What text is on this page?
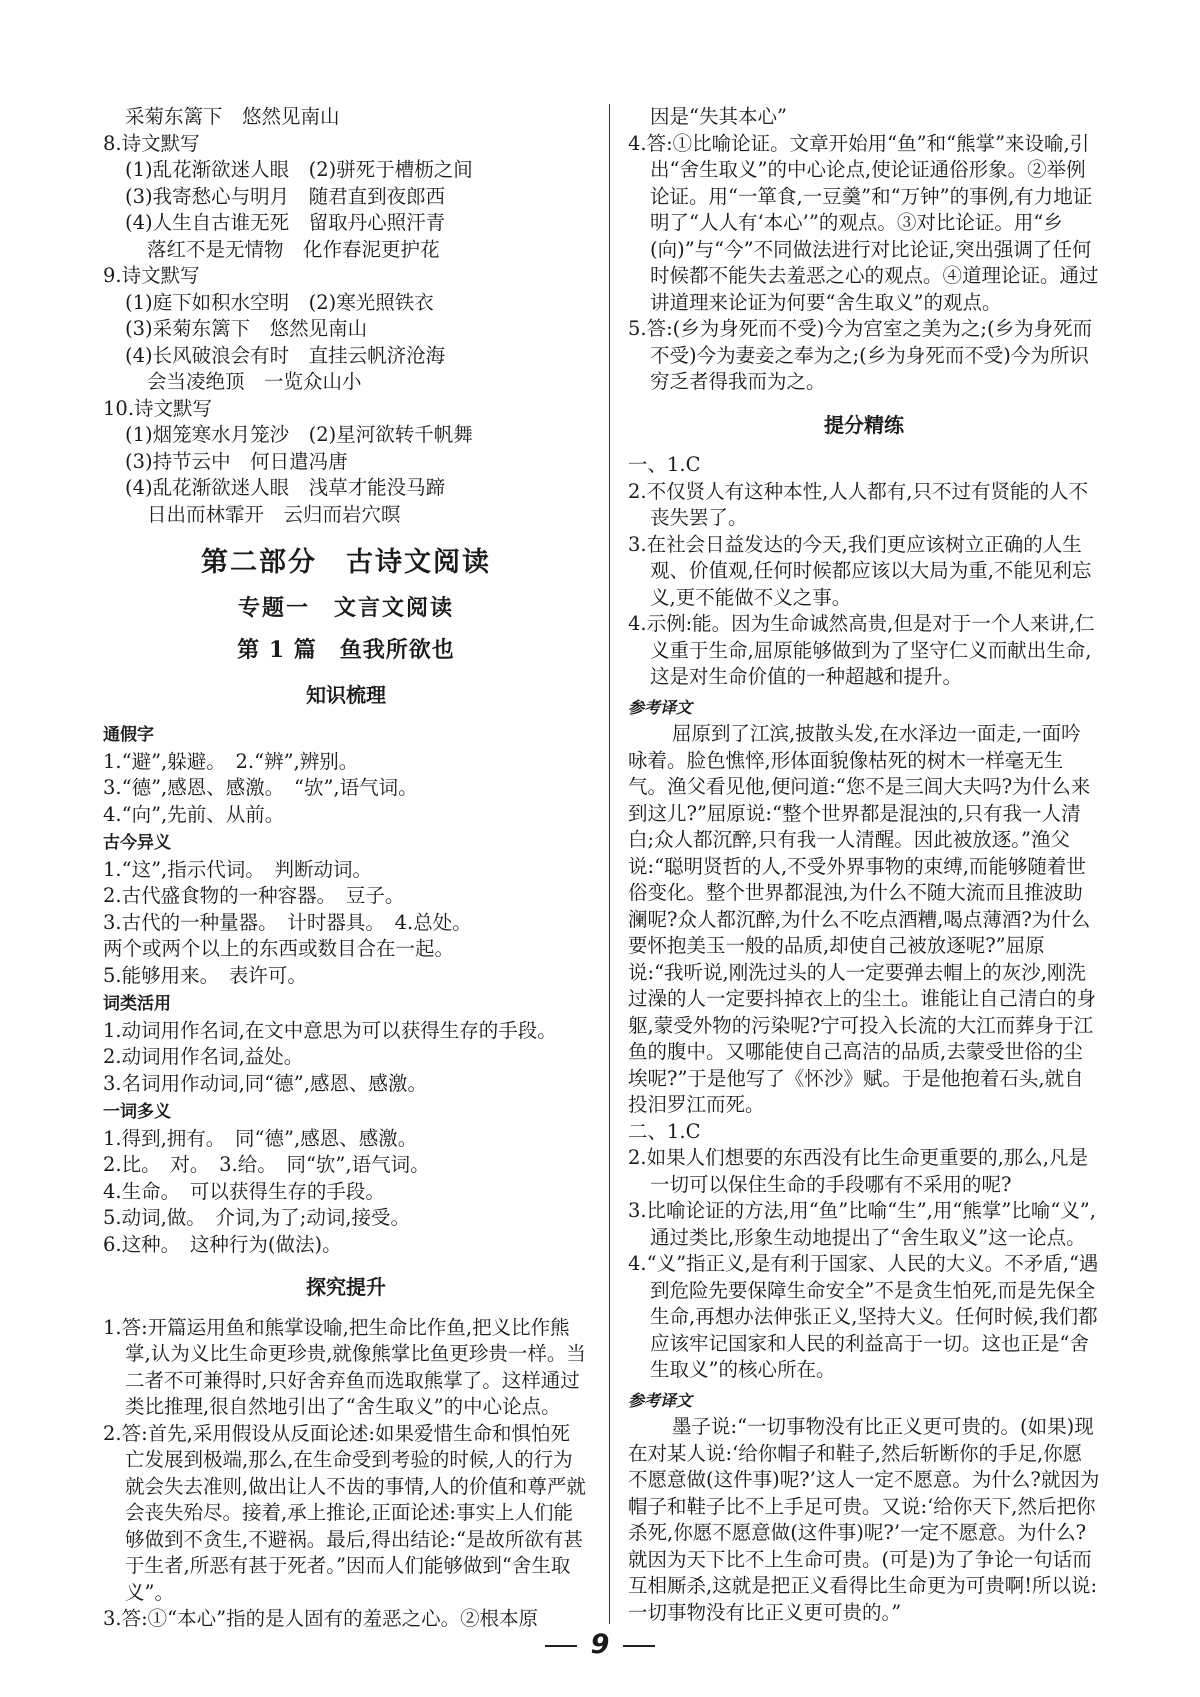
采菊东篱下　悠然见南山
8.诗文默写
(1)乱花渐欲迷人眼　(2)骈死于槽枥之间
(3)我寄愁心与明月　随君直到夜郎西
(4)人生自古谁无死　留取丹心照汗青
落红不是无情物　化作春泥更护花
9.诗文默写
(1)庭下如积水空明　(2)寒光照铁衣
(3)采菊东篱下　悠然见南山
(4)长风破浪会有时　直挂云帆济沧海
会当凌绝顶　一览众山小
10.诗文默写
(1)烟笼寒水月笼沙　(2)星河欲转千帆舞
(3)持节云中　何日遣冯唐
(4)乱花渐欲迷人眼　浅草才能没马蹄
日出而林霏开　云归而岩穴暝
第二部分　古诗文阅读
专题一　文言文阅读
第 1 篇　鱼我所欲也
知识梳理
通假字
1.“避”,躲避。　2.“辨”,辨别。
3.“德”,感恩、感激。　“欤”,语气词。
4.“向”,先前、从前。
古今异义
1.“这”,指示代词。　判断动词。
2.古代盛食物的一种容器。　豆子。
3.古代的一种量器。　计时器具。　4.总处。
两个或两个以上的东西或数目合在一起。
5.能够用来。　表许可。
词类活用
1.动词用作名词,在文中意思为可以获得生存的手段。
2.动词用作名词,益处。
3.名词用作动词,同“德”,感恩、感激。
一词多义
1.得到,拥有。　同“德”,感恩、感激。
2.比。　对。　3.给。　同“欤”,语气词。
4.生命。　可以获得生存的手段。
5.动词,做。　介词,为了;动词,接受。
6.这种。　这种行为(做法)。
探究提升
1.答:开篇运用鱼和熊掌设喻,把生命比作鱼,把义比作熊掌,认为义比生命更珍贵,就像熊掌比鱼更珍贵一样。当二者不可兼得时,只好舍弃鱼而选取熊掌了。这样通过类比推理,很自然地引出了“舍生取义”的中心论点。
2.答:首先,采用假设从反面论述:如果爱惜生命和惧怕死亡发展到极端,那么,在生命受到考验的时候,人的行为就会失去准则,做出让人不齿的事情,人的价值和尊严就会丧失殆尽。接着,承上推论,正面论述:事实上人们能够做到不贪生,不避祸。最后,得出结论:“是故所欲有甚于生者,所恶有甚于死者。”因而人们能够做到“舍生取义”。
3.答:①“本心”指的是人固有的羞恶之心。②根本原
因是“失其本心”
4.答:①比喻论证。文章开始用“鱼”和“熊掌”来设喻,引出“舍生取义”的中心论点,使论证通俗形象。②举例论证。用“一箪食,一豆羹”和“万钟”的事例,有力地证明了“人人有‘本心’”的观点。③对比论证。用“乡(向)”与“今”不同做法进行对比论证,突出强调了任何时候都不能失去羞恶之心的观点。④道理论证。通过讲道理来论证为何要“舍生取义”的观点。
5.答:(乡为身死而不受)今为宫室之美为之;(乡为身死而不受)今为妻妾之奉为之;(乡为身死而不受)今为所识穷乏者得我而为之。
提分精练
一、1.C
2.不仅贤人有这种本性,人人都有,只不过有贤能的人不丧失罢了。
3.在社会日益发达的今天,我们更应该树立正确的人生观、价值观,任何时候都应该以大局为重,不能见利忘义,更不能做不义之事。
4.示例:能。因为生命诚然高贵,但是对于一个人来讲,仁义重于生命,屈原能够做到为了坚守仁义而献出生命,这是对生命价值的一种超越和提升。
参考译文
屈原到了江滨,披散头发,在水泽边一面走,一面吟咏着。脸色憔悴,形体面貌像枯死的树木一样毫无生气。渔父看见他,便问道:“您不是三闾大夫吗?为什么来到这儿?”屈原说:“整个世界都是混浊的,只有我一人清白;众人都沉醉,只有我一人清醒。因此被放逐。”渔父说:“聪明贤哲的人,不受外界事物的束缚,而能够随着世俗变化。整个世界都混浊,为什么不随大流而且推波助澜呢?众人都沉醉,为什么不吃点酒糟,喝点薄酒?为什么要怀抱美玉一般的品质,却使自己被放逐呢?”屈原说:“我听说,刚洗过头的人一定要弹去帽上的灰沙,刚洗过澡的人一定要抖掉衣上的尘土。谁能让自己清白的身躯,蒙受外物的污染呢?宁可投入长流的大江而葬身于江鱼的腹中。又哪能使自己高洁的品质,去蒙受世俗的尘埃呢?”于是他写了《怀沙》赋。于是他抱着石头,就自投汨罗江而死。
二、1.C
2.如果人们想要的东西没有比生命更重要的,那么,凡是一切可以保住生命的手段哪有不采用的呢?
3.比喻论证的方法,用“鱼”比喻“生”,用“熊掌”比喻“义”,通过类比,形象生动地提出了“舍生取义”这一论点。
4.“义”指正义,是有利于国家、人民的大义。不矛盾,“遇到危险先要保障生命安全”不是贪生怕死,而是先保全生命,再想办法伸张正义,坚持大义。任何时候,我们都应该牢记国家和人民的利益高于一切。这也正是“舍生取义”的核心所在。
参考译文
墨子说:“一切事物没有比正义更可贵的。(如果)现在对某人说:‘给你帽子和鞋子,然后斩断你的手足,你愿不愿意做(这件事)呢?’这人一定不愿意。为什么?就因为帽子和鞋子比不上手足可贵。又说:‘给你天下,然后把你杀死,你愿不愿意做(这件事)呢?’一定不愿意。为什么?就因为天下比不上生命可贵。(可是)为了争论一句话而互相厮杀,这就是把正义看得比生命更为可贵啊!所以说:一切事物没有比正义更可贵的。”
9
